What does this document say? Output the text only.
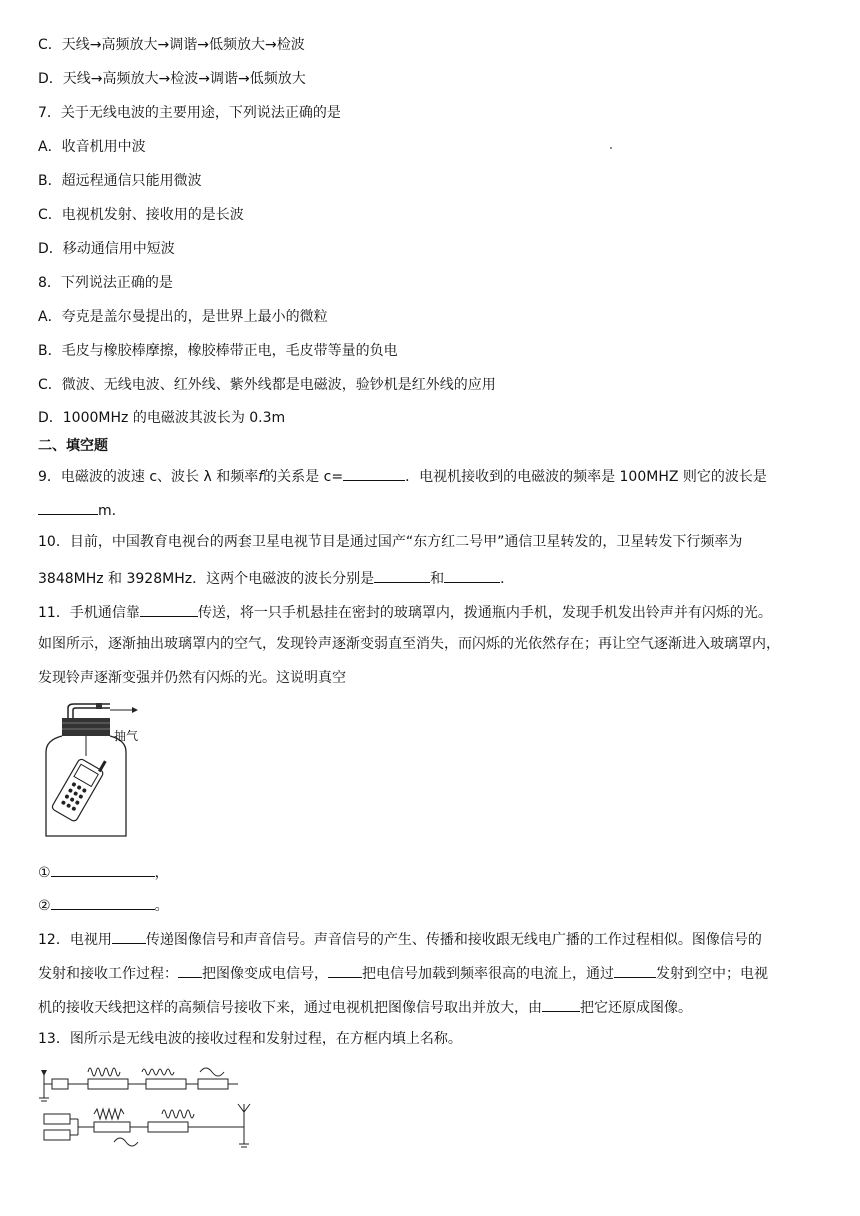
C．天线→高频放大→调谐→低频放大→检波
D．天线→高频放大→检波→调谐→低频放大
7．关于无线电波的主要用途，下列说法正确的是
A．收音机用中波
B．超远程通信只能用微波
C．电视机发射、接收用的是长波
D．移动通信用中短波
8．下列说法正确的是
A．夸克是盖尔曼提出的，是世界上最小的微粒
B．毛皮与橡胶棒摩擦，橡胶棒带正电，毛皮带等量的负电
C．微波、无线电波、红外线、紫外线都是电磁波，验钞机是红外线的应用
D．1000MHz 的电磁波其波长为 0.3m
二、填空题
9．电磁波的波速 c、波长 λ 和频率f的关系是 c=	．电视机接收到的电磁波的频率是 100MHZ 则它的波长是
m.
10．目前，中国教育电视台的两套卫星电视节目是通过国产“东方红二号甲”通信卫星转发的，卫星转发下行频率为
3848MHz 和 3928MHz．这两个电磁波的波长分别是	和	．
11．手机通信靠	传送，将一只手机悬挂在密封的玻璃罩内，拨通瓶内手机，发现手机发出铃声并有闪烁的光。
如图所示，逐渐抽出玻璃罩内的空气，发现铃声逐渐变弱直至消失，而闪烁的光依然存在；再让空气逐渐进入玻璃罩内，
发现铃声逐渐变强并仍然有闪烁的光。这说明真空
抽气
①	，
②	。
12．电视用 传递图像信号和声音信号。声音信号的产生、传播和接收跟无线电广播的工作过程相似。图像信号的
发射和接收工作过程： 把图像变成电信号， 把电信号加载到频率很高的电流上，通过	发射到空中；电视
机的接收天线把这样的高频信号接收下来，通过电视机把图像信号取出并放大，由	把它还原成图像。
13．图所示是无线电波的接收过程和发射过程，在方框内填上名称。
